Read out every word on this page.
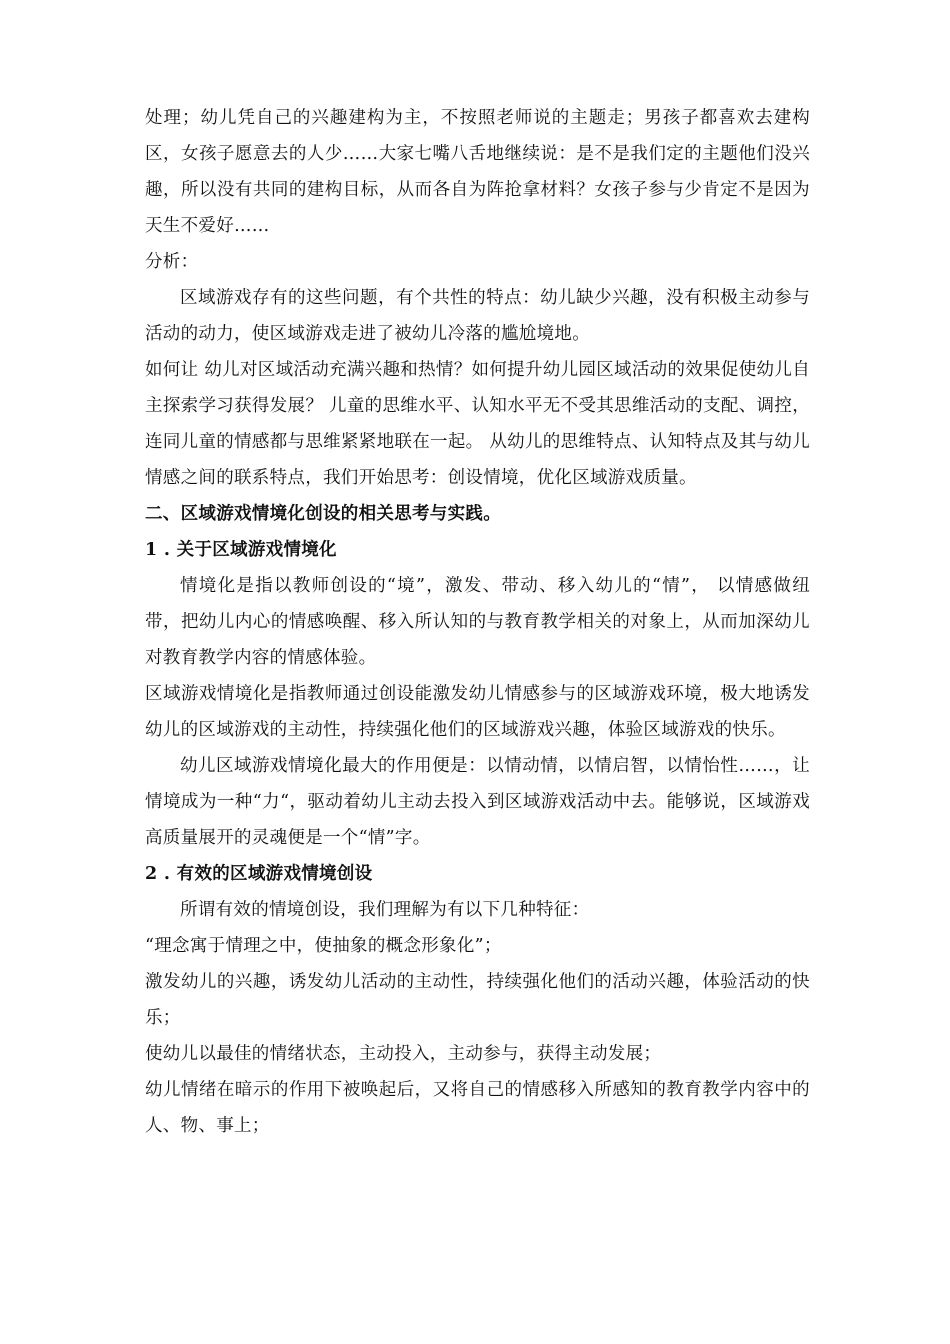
处理；幼儿凭自己的兴趣建构为主，不按照老师说的主题走；男孩子都喜欢去建构区，女孩子愿意去的人少……大家七嘴八舌地继续说：是不是我们定的主题他们没兴趣，所以没有共同的建构目标，从而各自为阵抢拿材料？女孩子参与少肯定不是因为天生不爱好……

分析：

区域游戏存有的这些问题，有个共性的特点：幼儿缺少兴趣，没有积极主动参与活动的动力，使区域游戏走进了被幼儿冷落的尴尬境地。

如何让 幼儿对区域活动充满兴趣和热情？如何提升幼儿园区域活动的效果促使幼儿自主探索学习获得发展？ 儿童的思维水平、认知水平无不受其思维活动的支配、调控，连同儿童的情感都与思维紧紧地联在一起。 从幼儿的思维特点、认知特点及其与幼儿情感之间的联系特点，我们开始思考：创设情境，优化区域游戏质量。

二、区域游戏情境化创设的相关思考与实践。

1 . 关于区域游戏情境化

情境化是指以教师创设的“境”，激发、带动、移入幼儿的“情”， 以情感做纽带，把幼儿内心的情感唤醒、移入所认知的与教育教学相关的对象上，从而加深幼儿对教育教学内容的情感体验。

区域游戏情境化是指教师通过创设能激发幼儿情感参与的区域游戏环境，极大地诱发幼儿的区域游戏的主动性，持续强化他们的区域游戏兴趣，体验区域游戏的快乐。

幼儿区域游戏情境化最大的作用便是：以情动情，以情启智，以情怡性……，让情境成为一种“力“，驱动着幼儿主动去投入到区域游戏活动中去。能够说，区域游戏高质量展开的灵魂便是一个“情”字。

2 . 有效的区域游戏情境创设

所谓有效的情境创设，我们理解为有以下几种特征：

“理念寓于情理之中，使抽象的概念形象化”；

激发幼儿的兴趣，诱发幼儿活动的主动性，持续强化他们的活动兴趣，体验活动的快乐；

使幼儿以最佳的情绪状态，主动投入，主动参与，获得主动发展；

幼儿情绪在暗示的作用下被唤起后，又将自己的情感移入所感知的教育教学内容中的人、物、事上；
